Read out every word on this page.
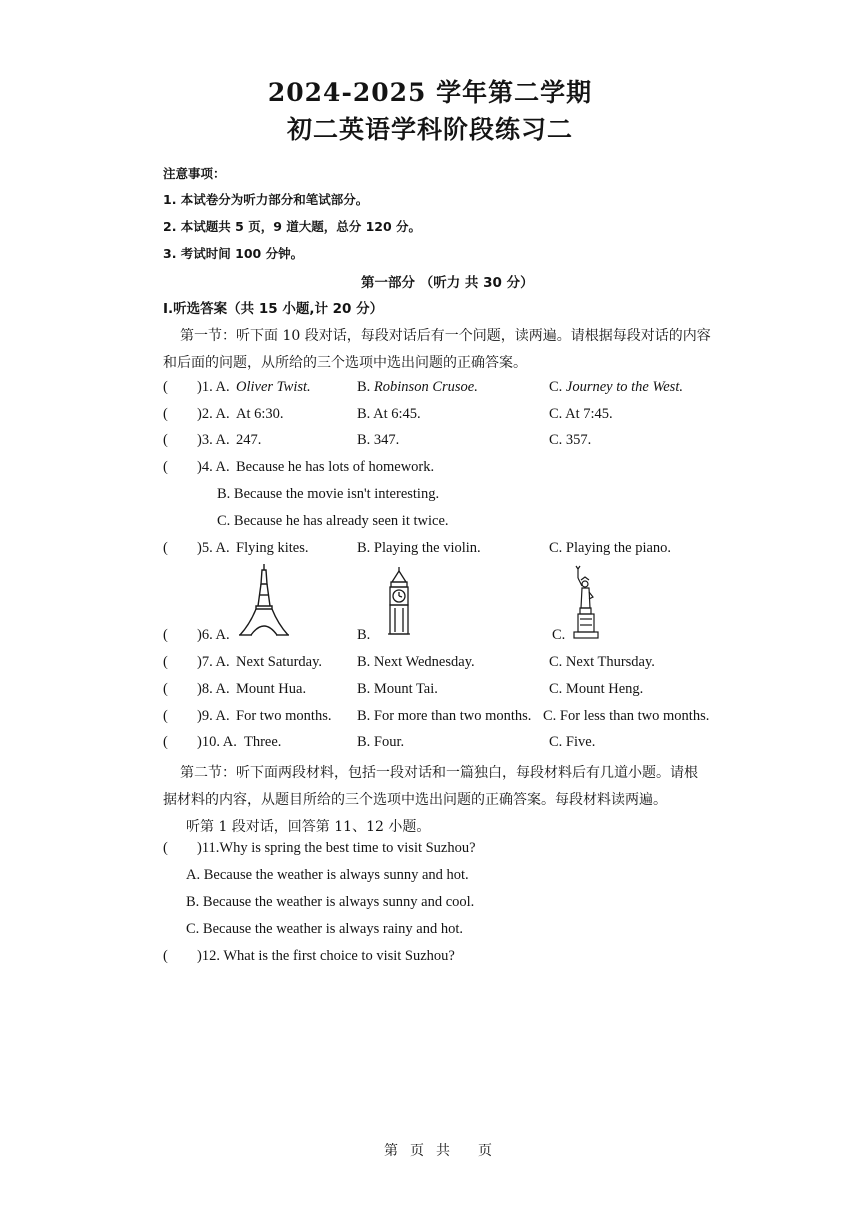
2024-2025 学年第二学期
初二英语学科阶段练习二
注意事项：
1. 本试卷分为听力部分和笔试部分。
2. 本试题共 5 页，9 道大题，总分 120 分。
3. 考试时间 100 分钟。
第一部分 （听力 共 30 分）
Ⅰ.听选答案（共 15 小题,计 20 分）
第一节：听下面 10 段对话，每段对话后有一个问题，读两遍。请根据每段对话的内容
和后面的问题，从所给的三个选项中选出问题的正确答案。
( )1. A. Oliver Twist.	B. Robinson Crusoe.	C. Journey to the West.
( )2. A. At 6:30.	B. At 6:45.	C. At 7:45.
( )3. A. 247.	B. 347.	C. 357.
( )4. A. Because he has lots of homework.
B. Because the movie isn't interesting.
C. Because he has already seen it twice.
( )5. A. Flying kites.	B. Playing the violin.	C. Playing the piano.
( )6. A.	B.	C.
( )7. A. Next Saturday. B. Next Wednesday.	C. Next Thursday.
( )8. A. Mount Hua.	B. Mount Tai.	C. Mount Heng.
( )9. A. For two months. B. For more than two months. C. For less than two months.
( )10. A. Three.	B. Four.	C. Five.
第二节：听下面两段材料，包括一段对话和一篇独白，每段材料后有几道小题。请根
据材料的内容，从题目所给的三个选项中选出问题的正确答案。每段材料读两遍。
听第 1 段对话，回答第 11、12 小题。
( )11.Why is spring the best time to visit Suzhou?
A. Because the weather is always sunny and hot.
B. Because the weather is always sunny and cool.
C. Because the weather is always rainy and hot.
( )12. What is the first choice to visit Suzhou?
第 页 共 页
